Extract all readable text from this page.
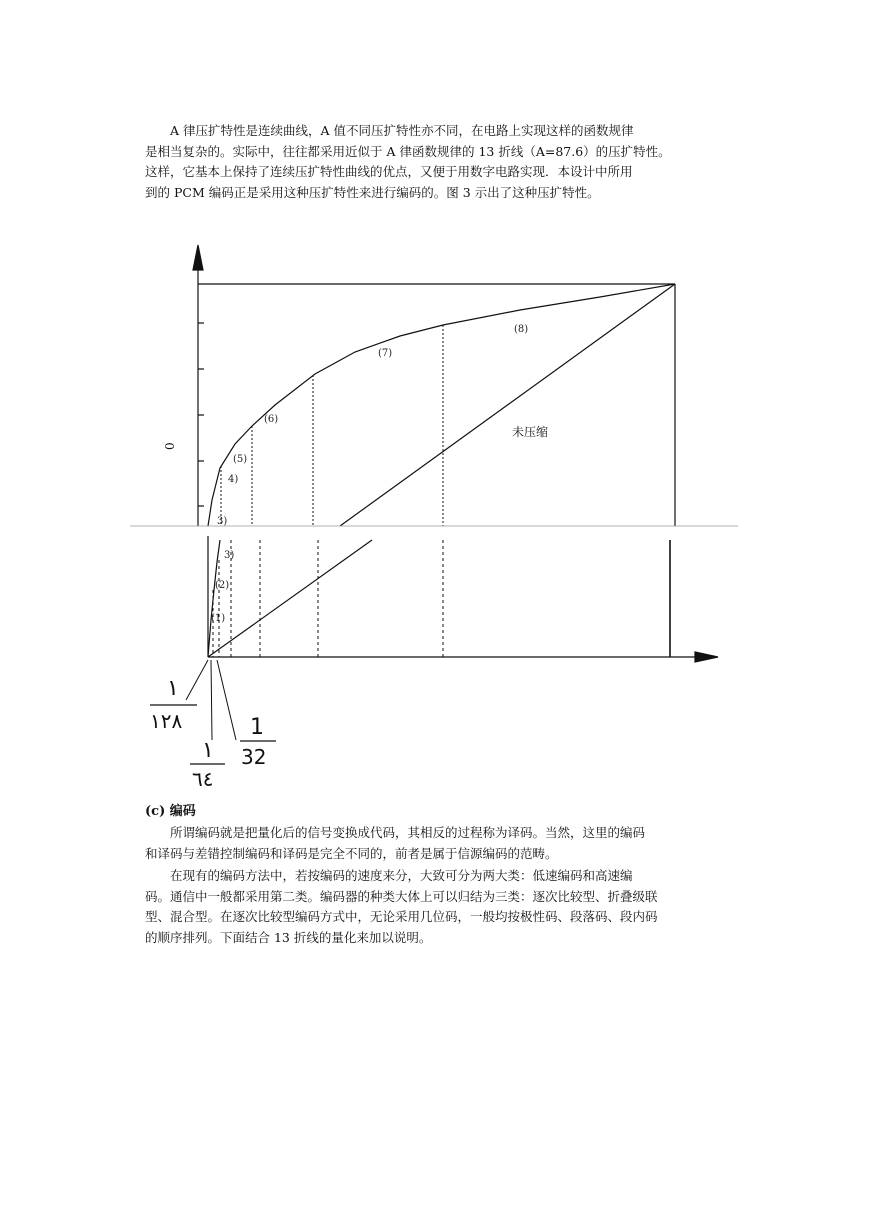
A 律压扩特性是连续曲线，A 值不同压扩特性亦不同，在电路上实现这样的函数规律
是相当复杂的。实际中，往往都采用近似于 A 律函数规律的 13 折线（A=87.6）的压扩特性。
这样，它基本上保持了连续压扩特性曲线的优点，又便于用数字电路实现．本设计中所用
到的 PCM 编码正是采用这种压扩特性来进行编码的。图 3 示出了这种压扩特性。
0
未压缩
(8)
(7)
(6)
(5)
4)
3)
3)
(2)
(1)
١
١٢٨
١
٦٤
1
32
(c) 编码
所谓编码就是把量化后的信号变换成代码，其相反的过程称为译码。当然，这里的编码
和译码与差错控制编码和译码是完全不同的，前者是属于信源编码的范畴。
在现有的编码方法中，若按编码的速度来分，大致可分为两大类：低速编码和高速编
码。通信中一般都采用第二类。编码器的种类大体上可以归结为三类：逐次比较型、折叠级联
型、混合型。在逐次比较型编码方式中，无论采用几位码，一般均按极性码、段落码、段内码
的顺序排列。下面结合 13 折线的量化来加以说明。
